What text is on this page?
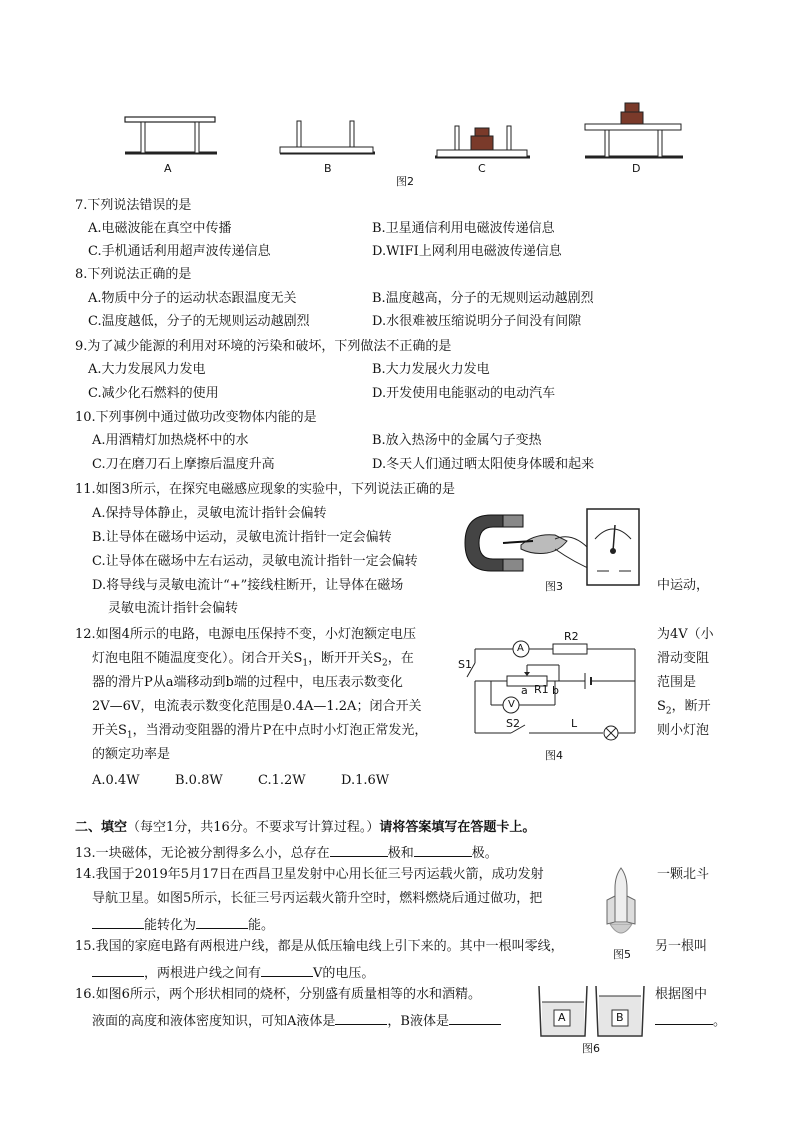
A	B	C	D
图2
7.下列说法错误的是
A.电磁波能在真空中传播	B.卫星通信利用电磁波传递信息
C.手机通话利用超声波传递信息	D.WIFI上网利用电磁波传递信息
8.下列说法正确的是
A.物质中分子的运动状态跟温度无关	B.温度越高，分子的无规则运动越剧烈
C.温度越低，分子的无规则运动越剧烈	D.水很难被压缩说明分子间没有间隙
9.为了减少能源的利用对环境的污染和破坏，下列做法不正确的是
A.大力发展风力发电	B.大力发展火力发电
C.减少化石燃料的使用	D.开发使用电能驱动的电动汽车
10.下列事例中通过做功改变物体内能的是
A.用酒精灯加热烧杯中的水	B.放入热汤中的金属勺子变热
C.刀在磨刀石上摩擦后温度升高	D.冬天人们通过晒太阳使身体暖和起来
11.如图3所示，在探究电磁感应现象的实验中，下列说法正确的是
A.保持导体静止，灵敏电流计指针会偏转
B.让导体在磁场中运动，灵敏电流计指针一定会偏转
C.让导体在磁场中左右运动，灵敏电流计指针一定会偏转
D.将导线与灵敏电流计“+”接线柱断开，让导体在磁场	中运动，
灵敏电流计指针会偏转
图3
12.如图4所示的电路，电源电压保持不变，小灯泡额定电压	为4V（小
灯泡电阻不随温度变化）。闭合开关$S_1$，断开开关$S_2$，在	滑动变阻
器的滑片P从a端移动到b端的过程中，电压表示数变化	范围是
2V—6V，电流表示数变化范围是0.4A—1.2A；闭合开关	$S_2$，断开
开关$S_1$，当滑动变阻器的滑片P在中点时小灯泡正常发光，	则小灯泡
的额定功率是
A.0.4W	B.0.8W	C.1.2W	D.1.6W
R2
A
S1
a R1 b
V
S2	L
图4
二、填空（每空1分，共16分。不要求写计算过程。）请将答案填写在答题卡上。
13.一块磁体，无论被分割得多么小，总存在	极和	极。
14.我国于2019年5月17日在西昌卫星发射中心用长征三号丙运载火箭，成功发射	一颗北斗
导航卫星。如图5所示，长征三号丙运载火箭升空时，燃料燃烧后通过做功，把
能转化为	能。
图5
15.我国的家庭电路有两根进户线，都是从低压输电线上引下来的。其中一根叫零线，	另一根叫
，两根进户线之间有	V的电压。
16.如图6所示，两个形状相同的烧杯，分别盛有质量相等的水和酒精。	根据图中
液面的高度和液体密度知识，可知A液体是	，B液体是	。
A	B
图6
